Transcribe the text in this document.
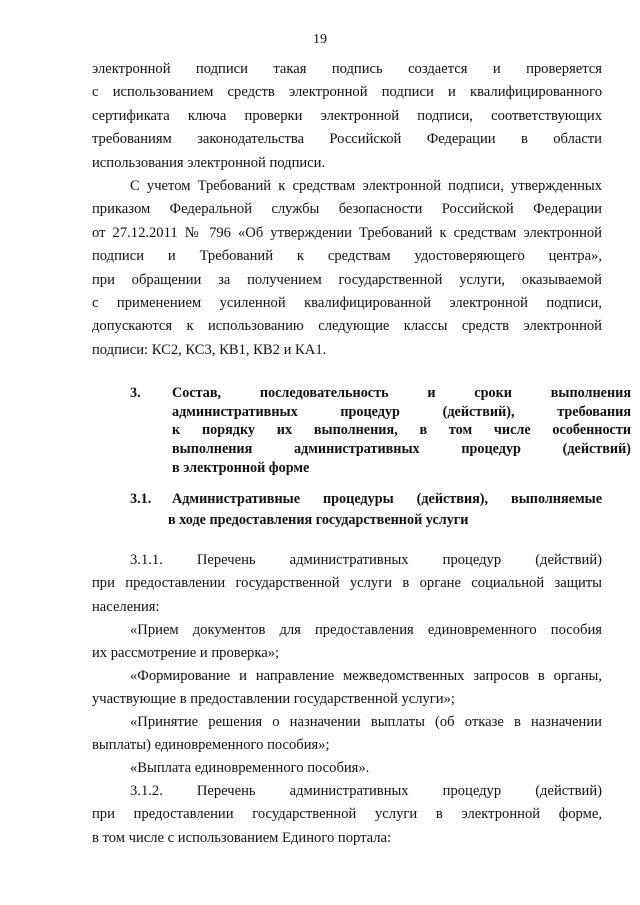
19
электронной подписи такая подпись создается и проверяется
с использованием средств электронной подписи и квалифицированного
сертификата ключа проверки электронной подписи, соответствующих
требованиям законодательства Российской Федерации в области
использования электронной подписи.
С учетом Требований к средствам электронной подписи, утвержденных
приказом Федеральной службы безопасности Российской Федерации
от 27.12.2011 № 796 «Об утверждении Требований к средствам электронной
подписи и Требований к средствам удостоверяющего центра»,
при обращении за получением государственной услуги, оказываемой
с применением усиленной квалифицированной электронной подписи,
допускаются к использованию следующие классы средств электронной
подписи: КС2, КС3, КВ1, КВ2 и КА1.
3. Состав, последовательность и сроки выполнения
административных процедур (действий), требования
к порядку их выполнения, в том числе особенности
выполнения административных процедур (действий)
в электронной форме
3.1. Административные процедуры (действия), выполняемые
в ходе предоставления государственной услуги
3.1.1.   Перечень   административных   процедур   (действий)
при предоставлении государственной услуги в органе социальной защиты
населения:
«Прием документов для предоставления единовременного пособия
их рассмотрение и проверка»;
«Формирование и направление межведомственных запросов в органы,
участвующие в предоставлении государственной услуги»;
«Принятие решения о назначении выплаты (об отказе в назначении
выплаты) единовременного пособия»;
«Выплата единовременного пособия».
3.1.2.   Перечень   административных   процедур   (действий)
при предоставлении государственной услуги в электронной форме,
в том числе с использованием Единого портала:
